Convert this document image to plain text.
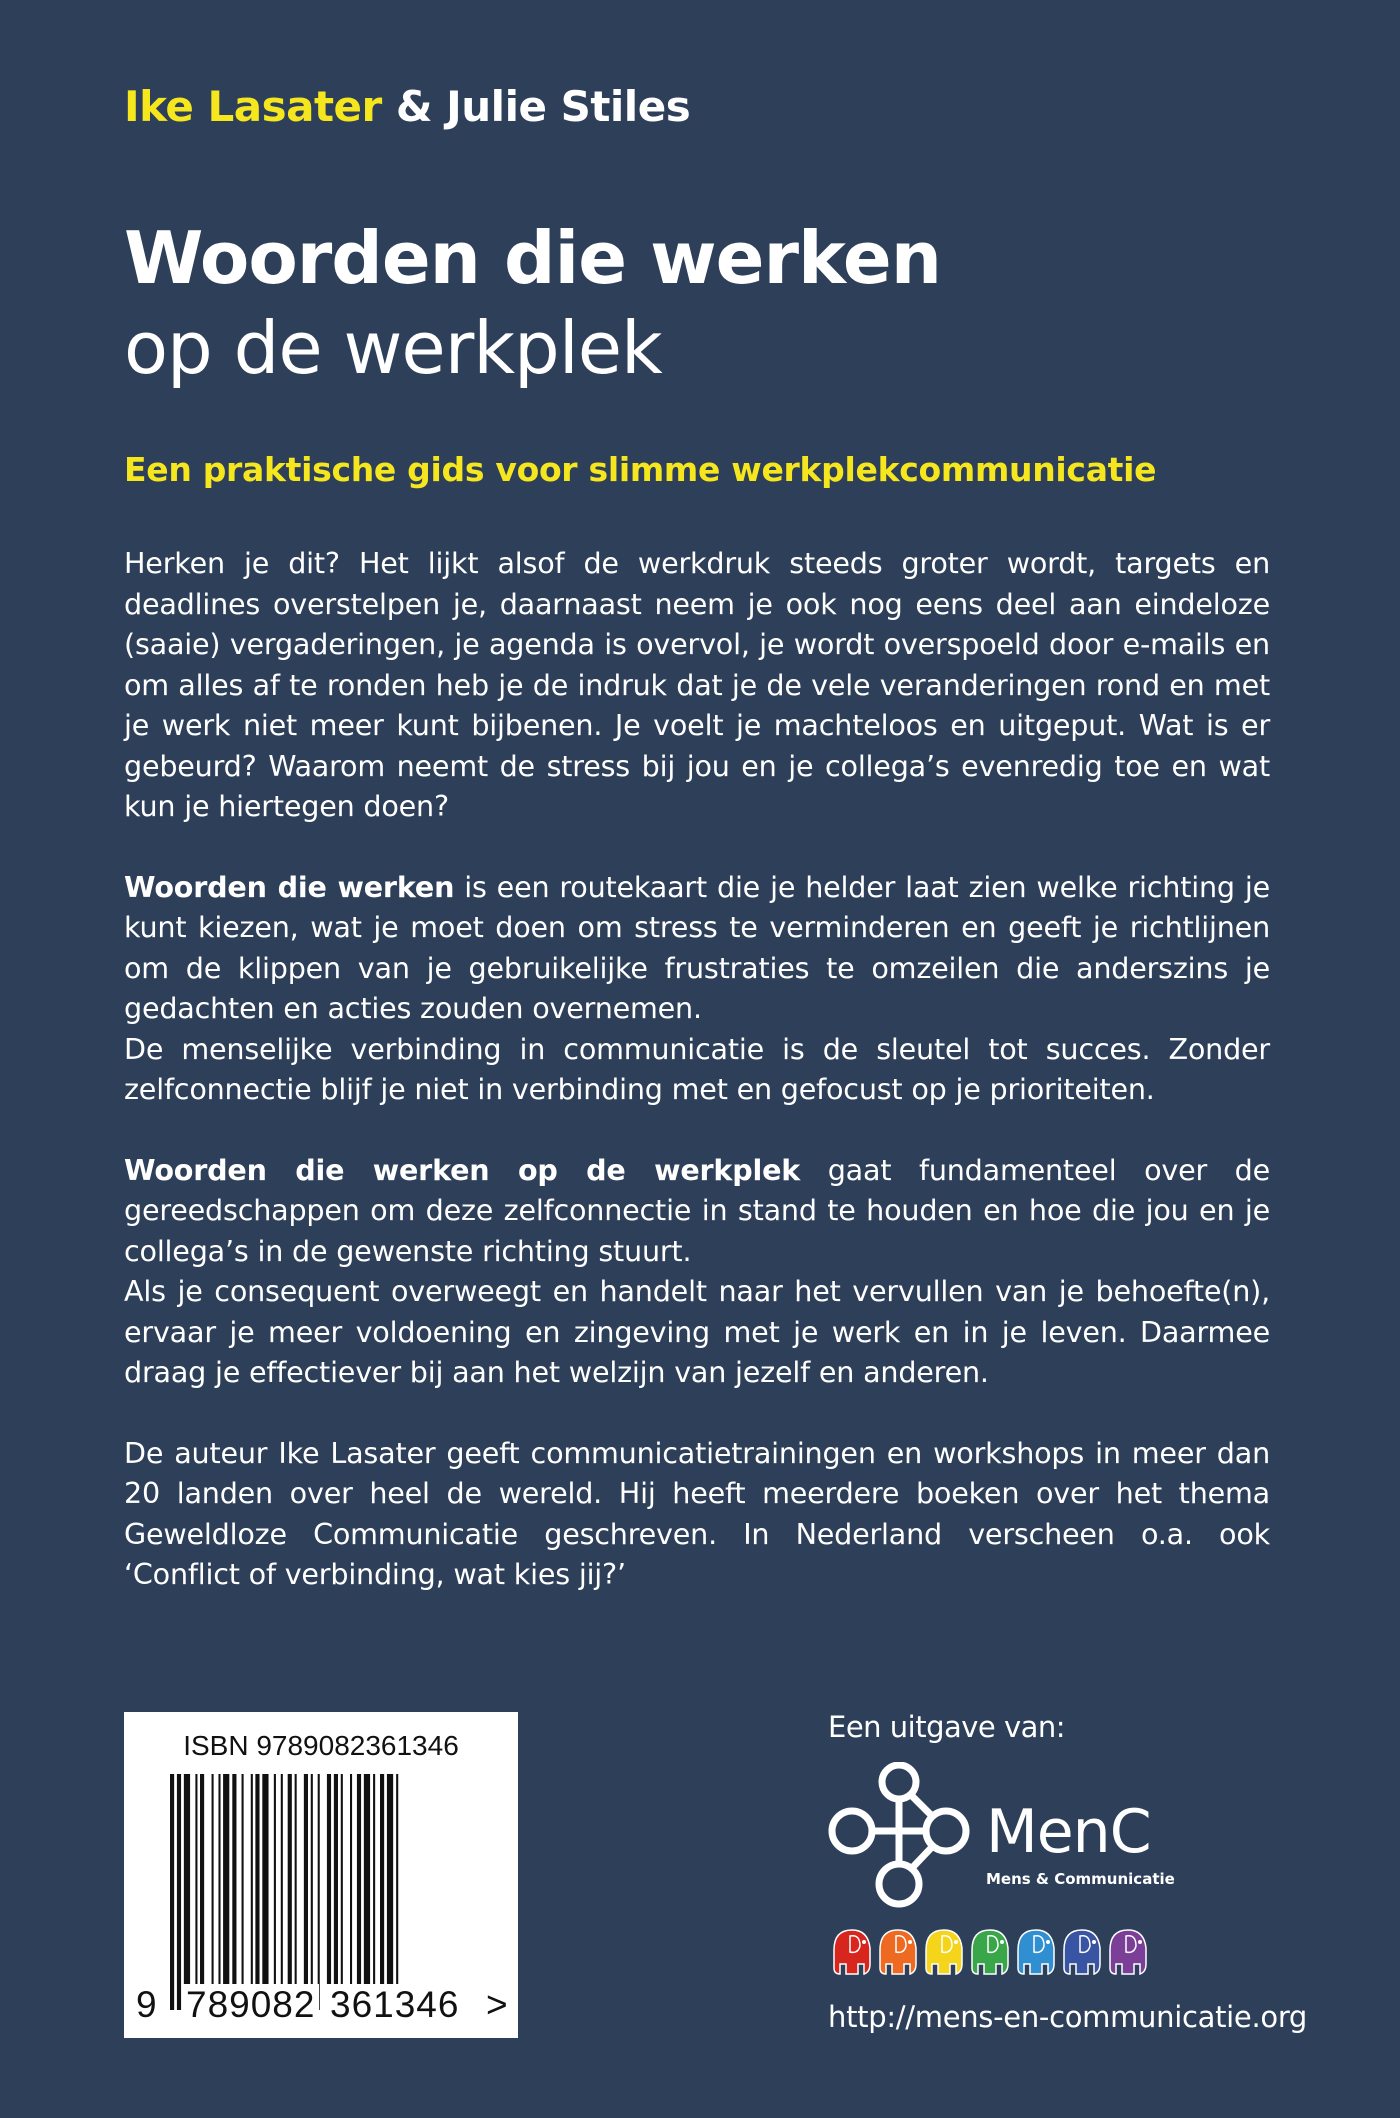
Ike Lasater & Julie Stiles
Woorden die werken
op de werkplek
Een praktische gids voor slimme werkplekcommunicatie

Herken je dit? Het lijkt alsof de werkdruk steeds groter wordt, targets en deadlines overstelpen je, daarnaast neem je ook nog eens deel aan eindeloze (saaie) vergaderingen, je agenda is overvol, je wordt overspoeld door e-mails en om alles af te ronden heb je de indruk dat je de vele veranderingen rond en met je werk niet meer kunt bijbenen. Je voelt je machteloos en uitgeput. Wat is er gebeurd? Waarom neemt de stress bij jou en je collega’s evenredig toe en wat kun je hiertegen doen?

Woorden die werken is een routekaart die je helder laat zien welke richting je kunt kiezen, wat je moet doen om stress te verminderen en geeft je richtlijnen om de klippen van je gebruikelijke frustraties te omzeilen die anderszins je gedachten en acties zouden overnemen.

De menselijke verbinding in communicatie is de sleutel tot succes. Zonder zelfconnectie blijf je niet in verbinding met en gefocust op je prioriteiten.

Woorden die werken op de werkplek gaat fundamenteel over de gereedschappen om deze zelfconnectie in stand te houden en hoe die jou en je collega’s in de gewenste richting stuurt.

Als je consequent overweegt en handelt naar het vervullen van je behoefte(n), ervaar je meer voldoening en zingeving met je werk en in je leven. Daarmee draag je effectiever bij aan het welzijn van jezelf en anderen.

De auteur Ike Lasater geeft communicatietrainingen en workshops in meer dan 20 landen over heel de wereld. Hij heeft meerdere boeken over het thema Geweldloze Communicatie geschreven. In Nederland verscheen o.a. ook ‘Conflict of verbinding, wat kies jij?’

ISBN 9789082361346
9 789082 361346 >
Een uitgave van:
MenC
Mens & Communicatie
http://mens-en-communicatie.org
